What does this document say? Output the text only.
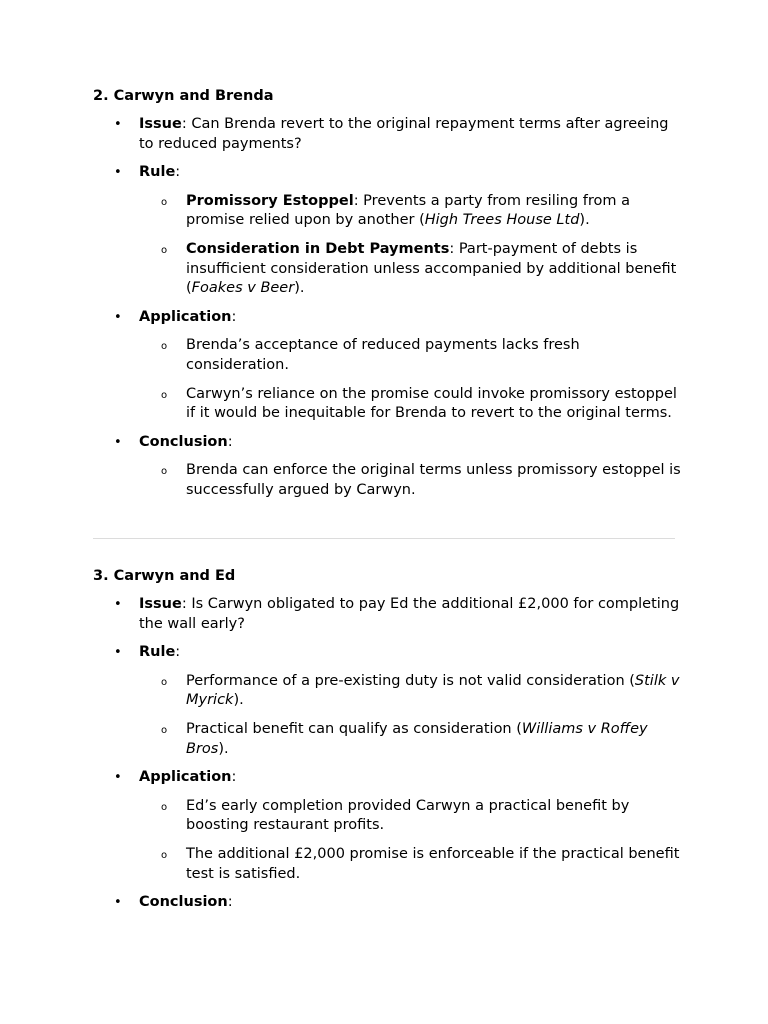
2. Carwyn and Brenda

• Issue: Can Brenda revert to the original repayment terms after agreeing to reduced payments?
• Rule:
o Promissory Estoppel: Prevents a party from resiling from a promise relied upon by another (High Trees House Ltd).
o Consideration in Debt Payments: Part-payment of debts is insufficient consideration unless accompanied by additional benefit (Foakes v Beer).
• Application:
o Brenda’s acceptance of reduced payments lacks fresh consideration.
o Carwyn’s reliance on the promise could invoke promissory estoppel if it would be inequitable for Brenda to revert to the original terms.
• Conclusion:
o Brenda can enforce the original terms unless promissory estoppel is successfully argued by Carwyn.

3. Carwyn and Ed

• Issue: Is Carwyn obligated to pay Ed the additional £2,000 for completing the wall early?
• Rule:
o Performance of a pre-existing duty is not valid consideration (Stilk v Myrick).
o Practical benefit can qualify as consideration (Williams v Roffey Bros).
• Application:
o Ed’s early completion provided Carwyn a practical benefit by boosting restaurant profits.
o The additional £2,000 promise is enforceable if the practical benefit test is satisfied.
• Conclusion:
